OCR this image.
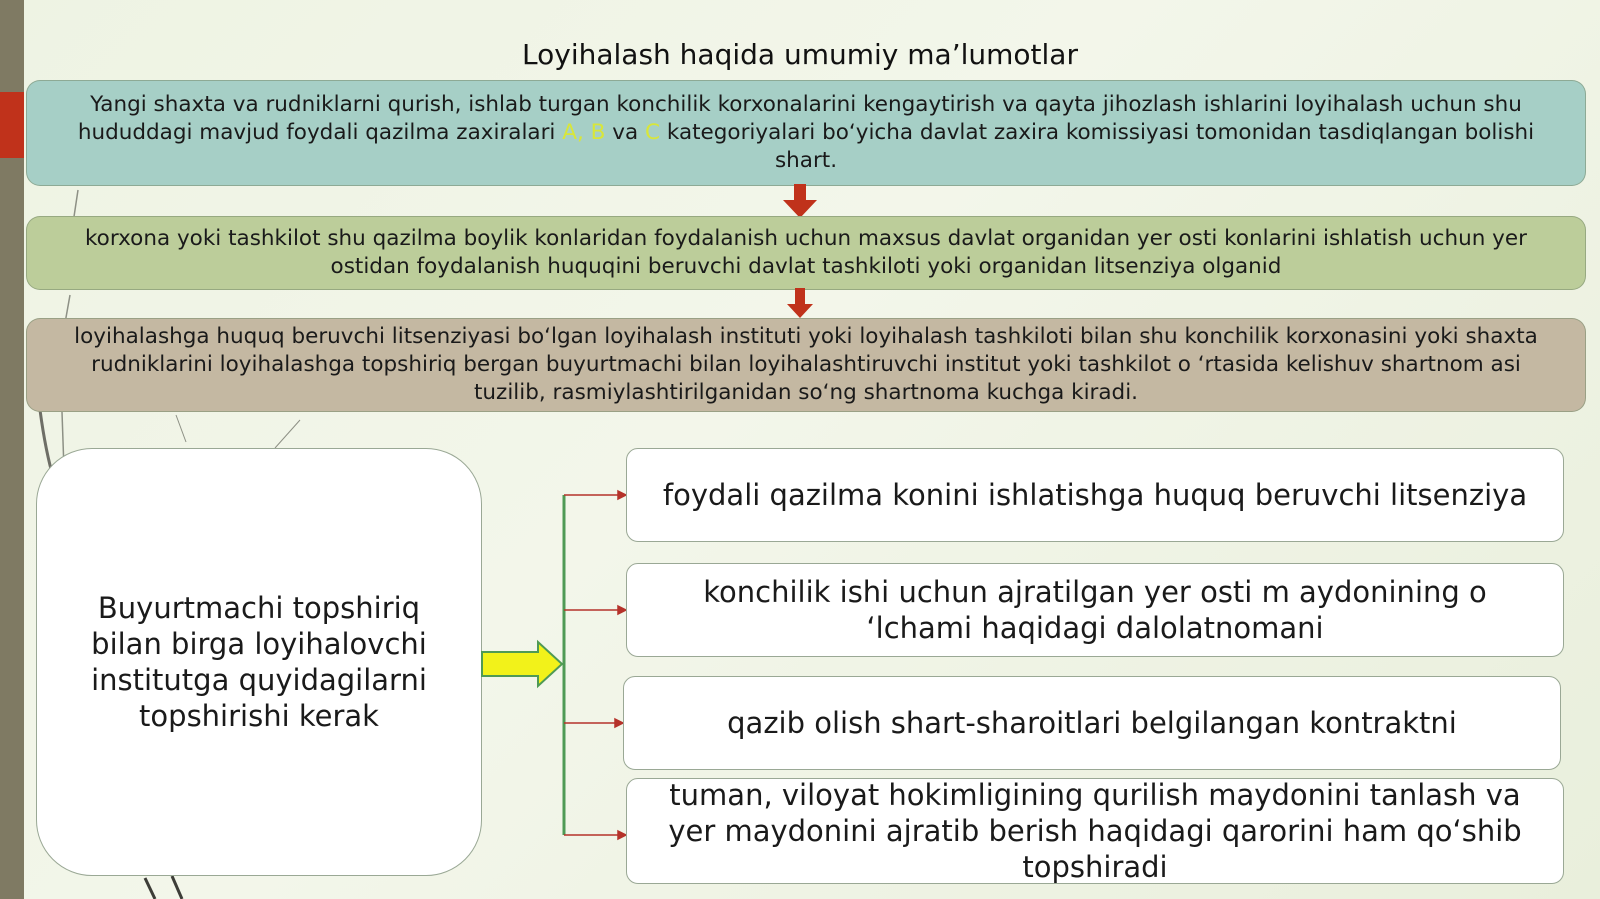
Loyihalash haqida umumiy ma’lumotlar

Yangi shaxta va rudniklarni qurish, ishlab turgan konchilik korxonalarini kengaytirish va qayta jihozlash ishlarini loyihalash uchun shu hududdagi mavjud foydali qazilma zaxiralari A, B va C kategoriyalari bo‘yicha davlat zaxira komissiyasi tomonidan tasdiqlangan bolishi shart.

korxona yoki tashkilot shu qazilma boylik konlaridan foydalanish uchun maxsus davlat organidan yer osti konlarini ishlatish uchun yer ostidan foydalanish huquqini beruvchi davlat tashkiloti yoki organidan litsenziya olganid

loyihalashga huquq beruvchi litsenziyasi bo‘lgan loyihalash instituti yoki loyihalash tashkiloti bilan shu konchilik korxonasini yoki shaxta rudniklarini loyihalashga topshiriq bergan buyurtmachi bilan loyihalashtiruvchi institut yoki tashkilot o ‘rtasida kelishuv shartnom asi tuzilib, rasmiylashtirilganidan so‘ng shartnoma kuchga kiradi.

Buyurtmachi topshiriq bilan birga loyihalovchi institutga quyidagilarni topshirishi kerak

foydali qazilma konini ishlatishga huquq beruvchi litsenziya

konchilik ishi uchun ajratilgan yer osti m aydonining o ‘lchami haqidagi dalolatnomani

qazib olish shart-sharoitlari belgilangan kontraktni

tuman, viloyat hokimligining qurilish maydonini tanlash va yer maydonini ajratib berish haqidagi qarorini ham qo‘shib topshiradi
